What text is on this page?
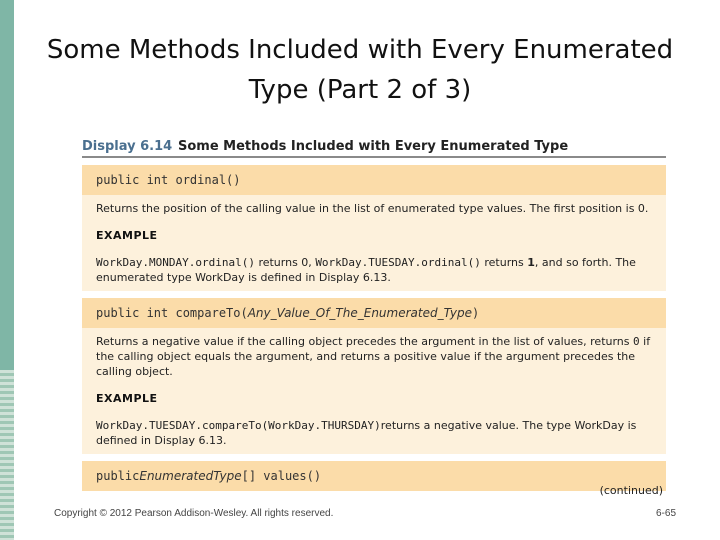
Some Methods Included with Every Enumerated
Type (Part 2 of 3)
Display 6.14 Some Methods Included with Every Enumerated Type
public int ordinal()

Returns the position of the calling value in the list of enumerated type values. The first position is 0.

EXAMPLE

WorkDay.MONDAY.ordinal() returns 0, WorkDay.TUESDAY.ordinal() returns 1, and so forth. The enumerated type WorkDay is defined in Display 6.13.

public int compareTo( Any_Value_Of_The_Enumerated_Type )

Returns a negative value if the calling object precedes the argument in the list of values, returns 0 if the calling object equals the argument, and returns a positive value if the argument precedes the calling object.

EXAMPLE

WorkDay.TUESDAY.compareTo(WorkDay.THURSDAY)returns a negative value. The type WorkDay is defined in Display 6.13.

public EnumeratedType [] values()
(continued)
Copyright © 2012 Pearson Addison-Wesley. All rights reserved.	6-65
